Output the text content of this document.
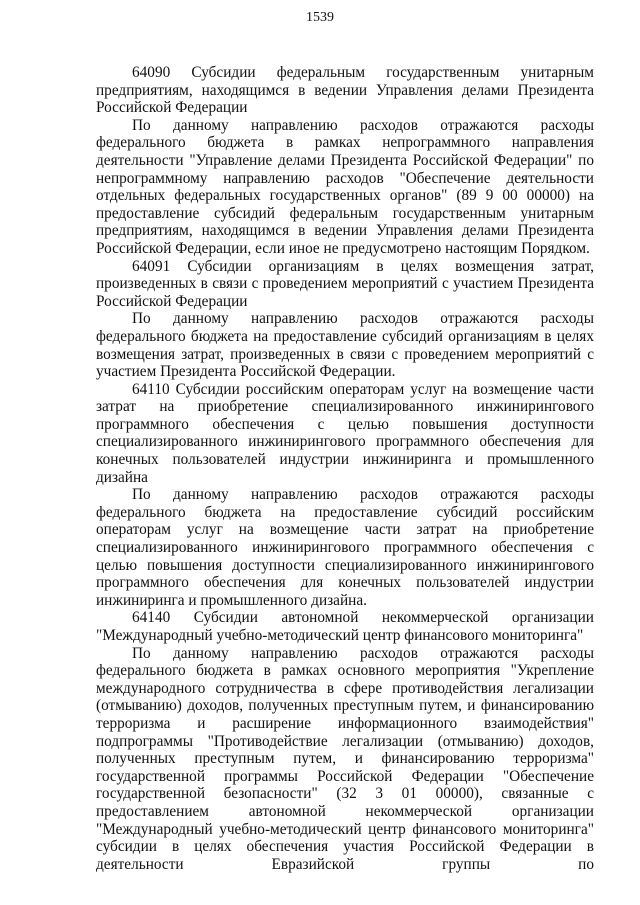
1539

64090 Субсидии федеральным государственным унитарным предприятиям, находящимся в ведении Управления делами Президента Российской Федерации

По данному направлению расходов отражаются расходы федерального бюджета в рамках непрограммного направления деятельности "Управление делами Президента Российской Федерации" по непрограммному направлению расходов "Обеспечение деятельности отдельных федеральных государственных органов" (89 9 00 00000) на предоставление субсидий федеральным государственным унитарным предприятиям, находящимся в ведении Управления делами Президента Российской Федерации, если иное не предусмотрено настоящим Порядком.

64091 Субсидии организациям в целях возмещения затрат, произведенных в связи с проведением мероприятий с участием Президента Российской Федерации

По данному направлению расходов отражаются расходы федерального бюджета на предоставление субсидий организациям в целях возмещения затрат, произведенных в связи с проведением мероприятий с участием Президента Российской Федерации.

64110 Субсидии российским операторам услуг на возмещение части затрат на приобретение специализированного инжинирингового программного обеспечения с целью повышения доступности специализированного инжинирингового программного обеспечения для конечных пользователей индустрии инжиниринга и промышленного дизайна

По данному направлению расходов отражаются расходы федерального бюджета на предоставление субсидий российским операторам услуг на возмещение части затрат на приобретение специализированного инжинирингового программного обеспечения с целью повышения доступности специализированного инжинирингового программного обеспечения для конечных пользователей индустрии инжиниринга и промышленного дизайна.

64140 Субсидии автономной некоммерческой организации "Международный учебно-методический центр финансового мониторинга"

По данному направлению расходов отражаются расходы федерального бюджета в рамках основного мероприятия "Укрепление международного сотрудничества в сфере противодействия легализации (отмыванию) доходов, полученных преступным путем, и финансированию терроризма и расширение информационного взаимодействия" подпрограммы "Противодействие легализации (отмыванию) доходов, полученных преступным путем, и финансированию терроризма" государственной программы Российской Федерации "Обеспечение государственной безопасности" (32 3 01 00000), связанные с предоставлением автономной некоммерческой организации "Международный учебно-методический центр финансового мониторинга" субсидии в целях обеспечения участия Российской Федерации в деятельности Евразийской группы по
